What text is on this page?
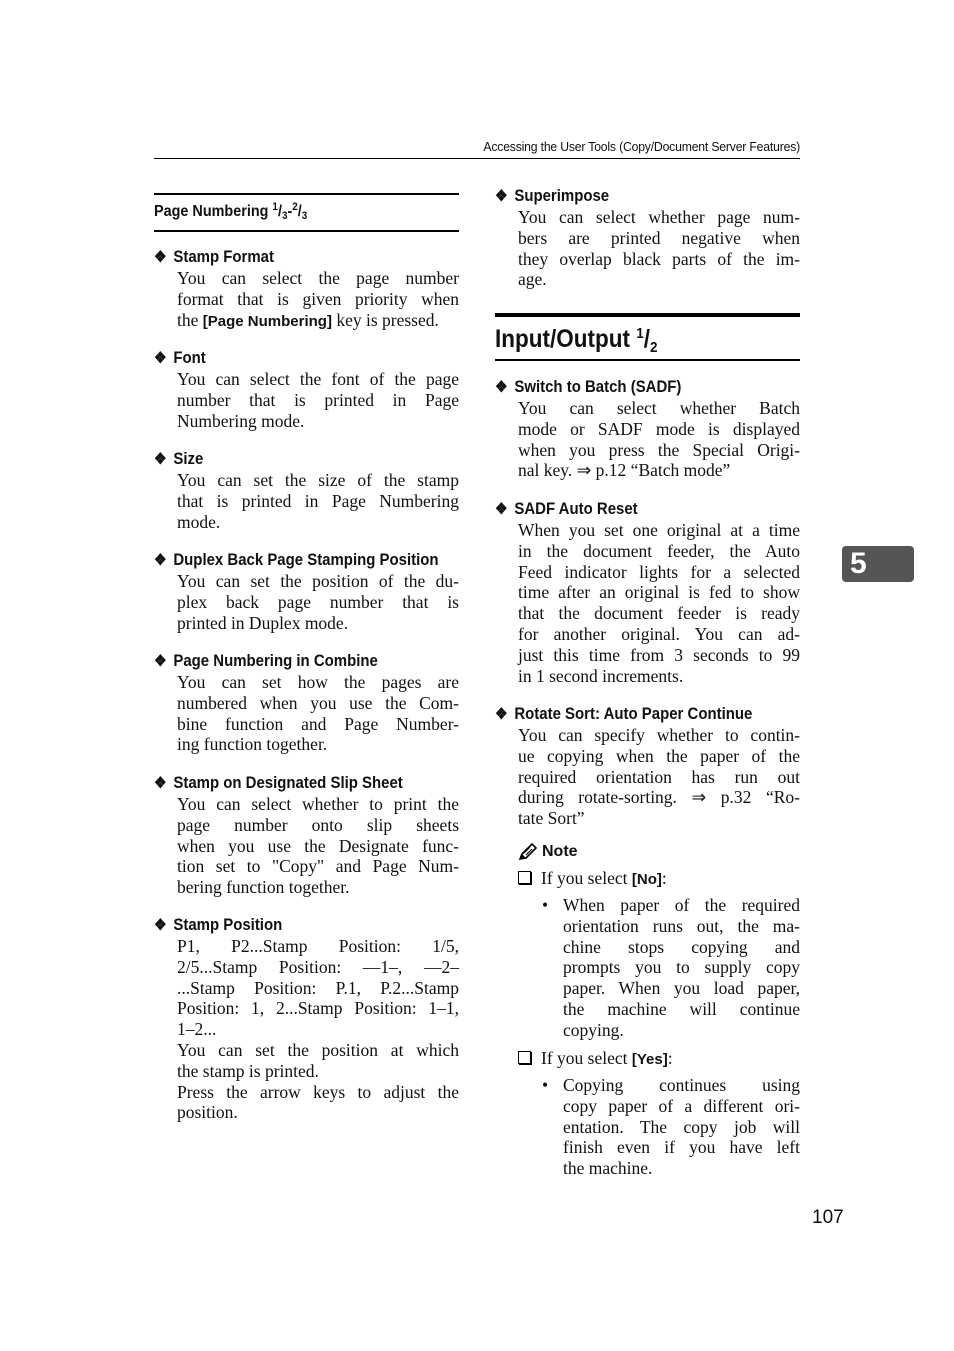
Accessing the User Tools (Copy/Document Server Features)
Page Numbering $^1$/3-$^2$/3
❖ Stamp Format
You can select the page number
format that is given priority when
the [Page Numbering] key is pressed.
❖ Font
You can select the font of the page
number that is printed in Page
Numbering mode.
❖ Size
You can set the size of the stamp
that is printed in Page Numbering
mode.
❖ Duplex Back Page Stamping Position
You can set the position of the du-
plex back page number that is
printed in Duplex mode.
❖ Page Numbering in Combine
You can set how the pages are
numbered when you use the Com-
bine function and Page Number-
ing function together.
❖ Stamp on Designated Slip Sheet
You can select whether to print the
page number onto slip sheets
when you use the Designate func-
tion set to "Copy" and Page Num-
bering function together.
❖ Stamp Position
P1, P2...Stamp Position: 1/5,
2/5...Stamp Position: —1–, —2–
...Stamp Position: P.1, P.2...Stamp
Position: 1, 2...Stamp Position: 1–1,
1–2...
You can set the position at which
the stamp is printed.
Press the arrow keys to adjust the
position.
❖ Superimpose
You can select whether page num-
bers are printed negative when
they overlap black parts of the im-
age.
Input/Output $^1/_2$
❖ Switch to Batch (SADF)
You can select whether Batch
mode or SADF mode is displayed
when you press the Special Origi-
nal key. ⇒ p.12 “Batch mode”
❖ SADF Auto Reset
When you set one original at a time
in the document feeder, the Auto
Feed indicator lights for a selected
time after an original is fed to show
that the document feeder is ready
for another original. You can ad-
just this time from 3 seconds to 99
in 1 second increments.
❖ Rotate Sort: Auto Paper Continue
You can specify whether to contin-
ue copying when the paper of the
required orientation has run out
during rotate-sorting. ⇒ p.32 “Ro-
tate Sort”
Note
If you select [No]:
• When paper of the required
orientation runs out, the ma-
chine stops copying and
prompts you to supply copy
paper. When you load paper,
the machine will continue
copying.
If you select [Yes]:
• Copying continues using
copy paper of a different ori-
entation. The copy job will
finish even if you have left
the machine.
5
107
